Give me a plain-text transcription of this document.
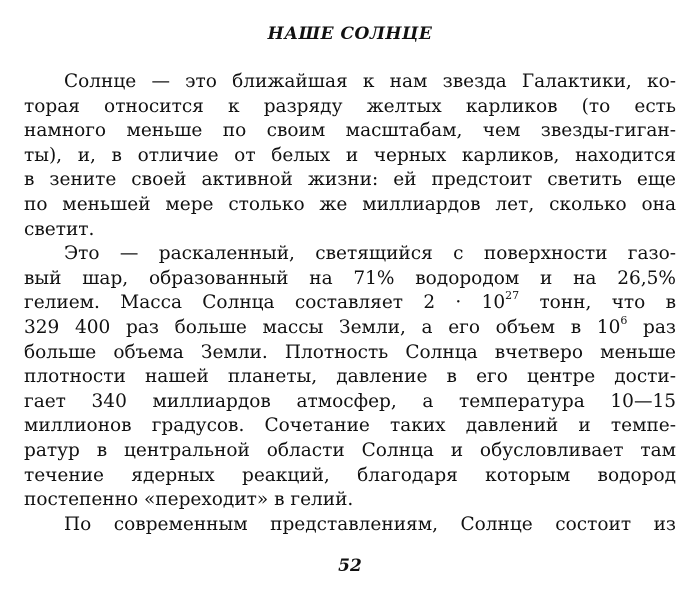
НАШЕ СОЛНЦЕ
Солнце — это ближайшая к нам звезда Галактики, ко-
торая относится к разряду желтых карликов (то есть
намного меньше по своим масштабам, чем звезды-гиган-
ты), и, в отличие от белых и черных карликов, находится
в зените своей активной жизни: ей предстоит светить еще
по меньшей мере столько же миллиардов лет, сколько она
светит.
Это — раскаленный, светящийся с поверхности газо-
вый шар, образованный на 71% водородом и на 26,5%
гелием. Масса Солнца составляет $2 \cdot 10^{27}$ тонн, что в
329 400 раз больше массы Земли, а его объем в $10^6$ раз
больше объема Земли. Плотность Солнца вчетверо меньше
плотности нашей планеты, давление в его центре дости-
гает 340 миллиардов атмосфер, а температура 10—15
миллионов градусов. Сочетание таких давлений и темпе-
ратур в центральной области Солнца и обусловливает там
течение ядерных реакций, благодаря которым водород
постепенно «переходит» в гелий.
По современным представлениям, Солнце состоит из
52
